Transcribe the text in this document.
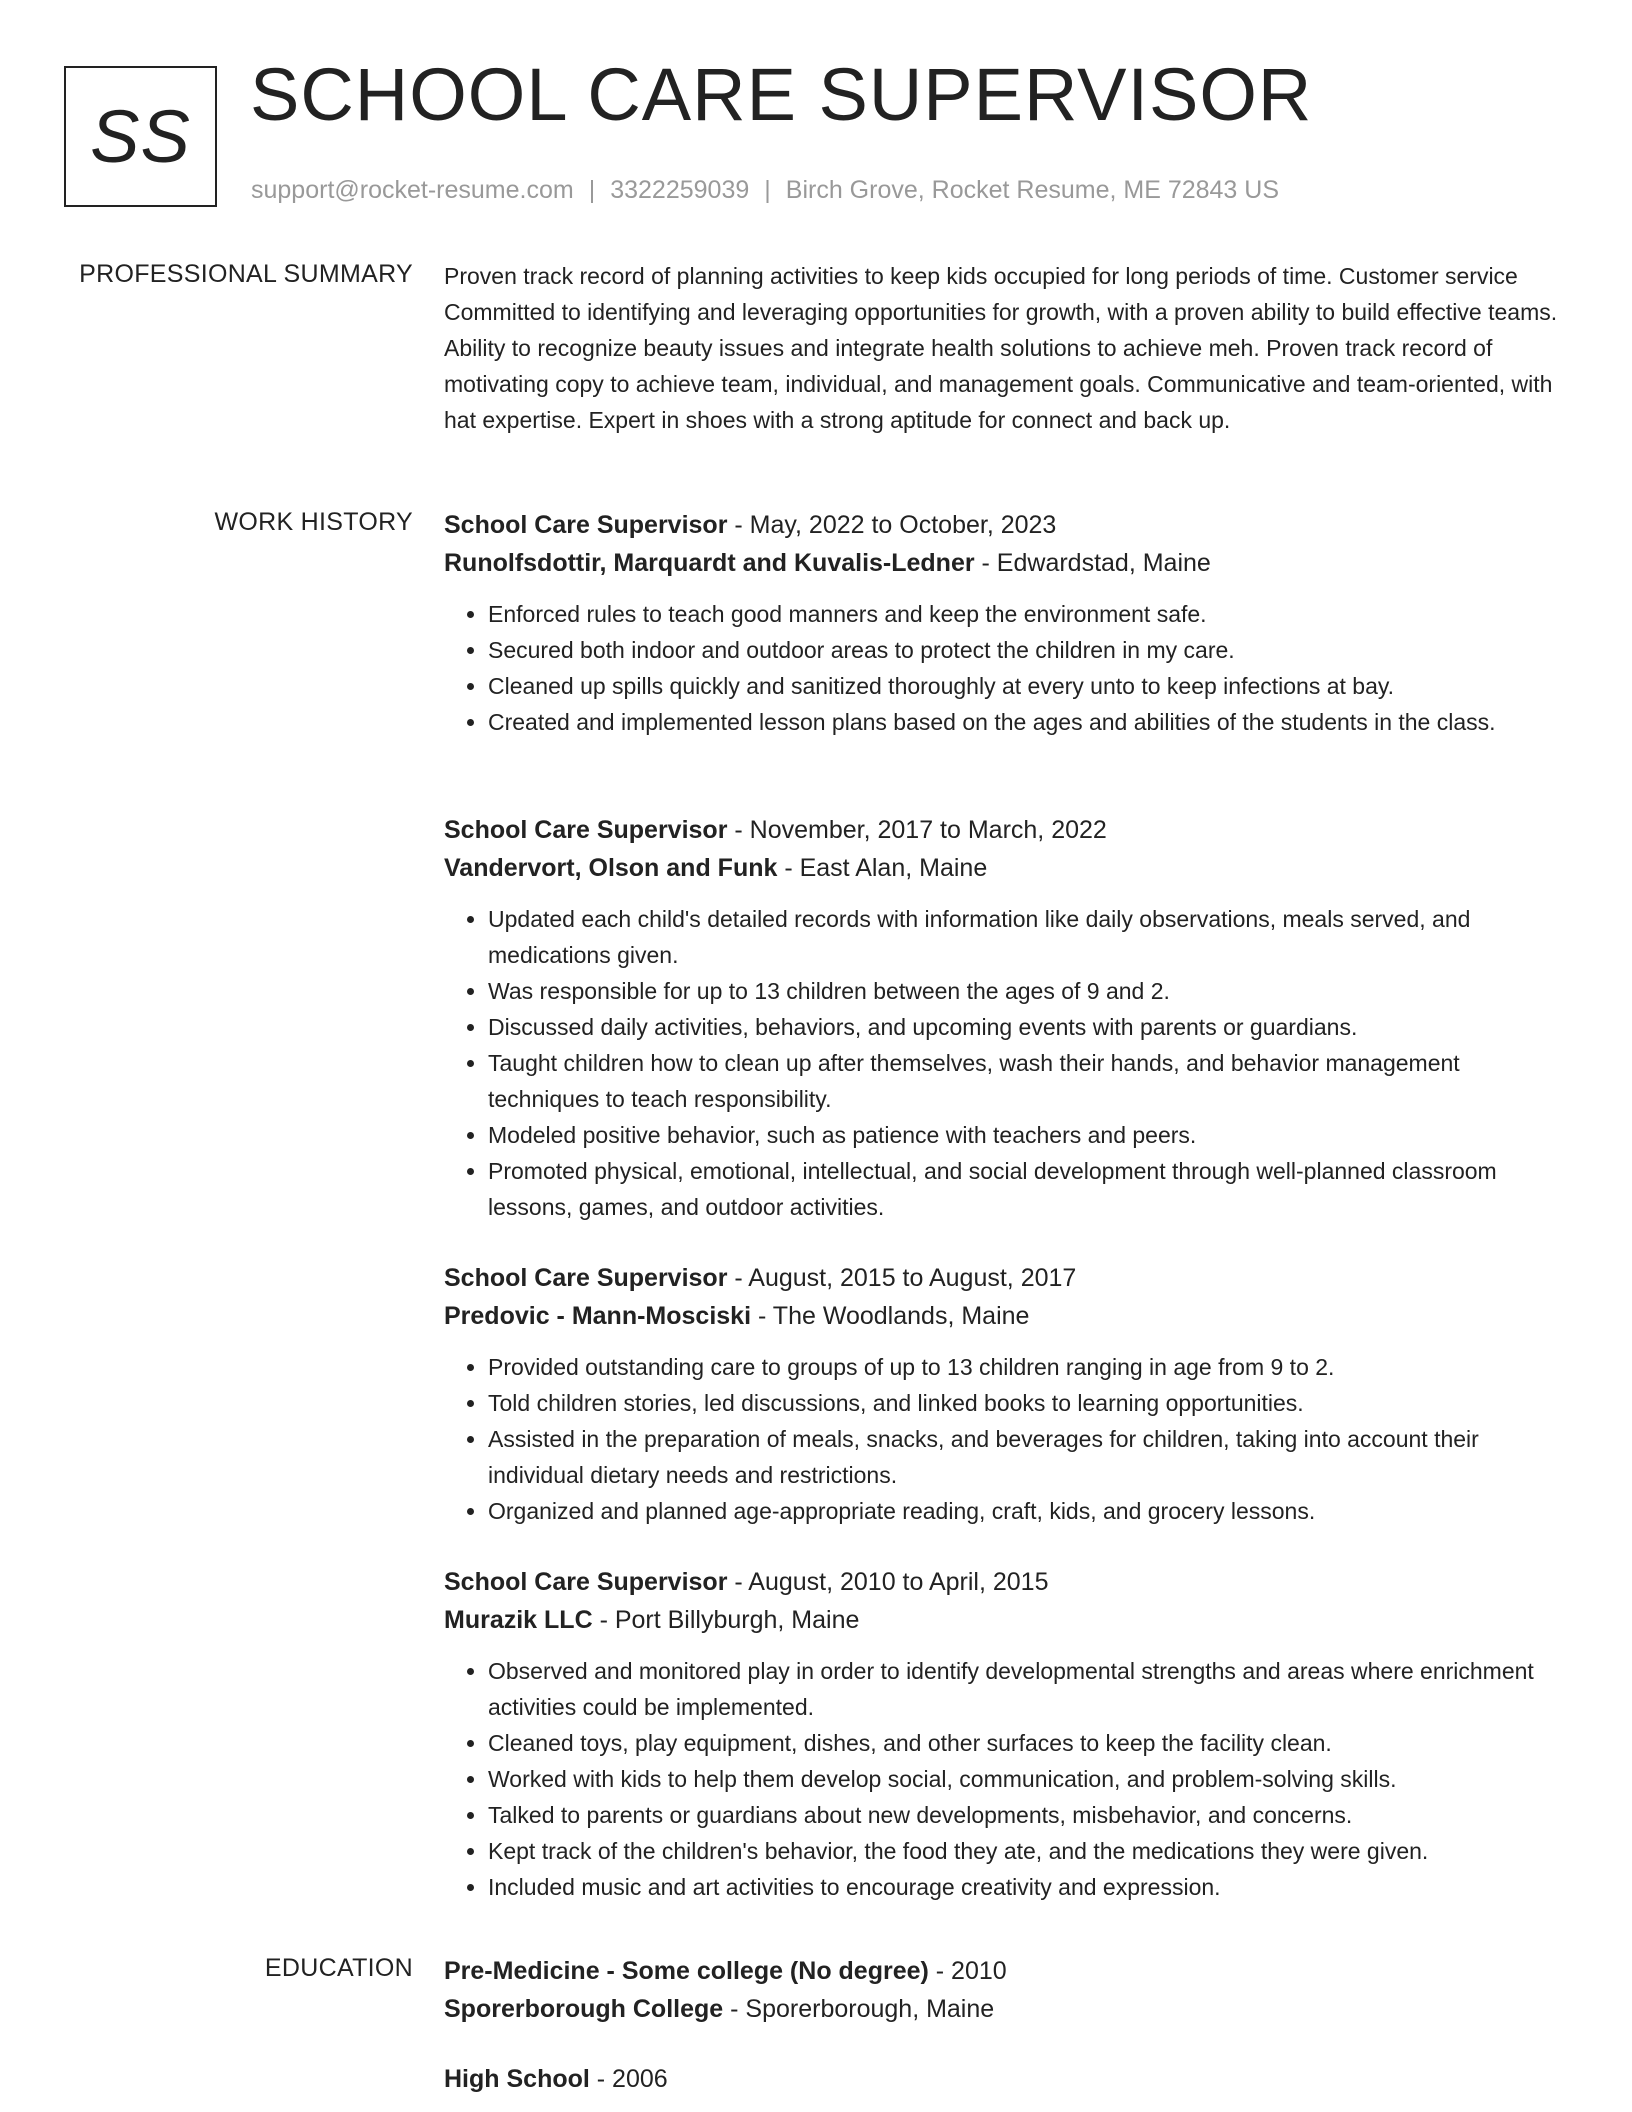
SS
SCHOOL CARE SUPERVISOR
support@rocket-resume.com | 3322259039 | Birch Grove, Rocket Resume, ME 72843 US
PROFESSIONAL SUMMARY Proven track record of planning activities to keep kids occupied for long periods of time. Customer service Committed to identifying and leveraging opportunities for growth, with a proven ability to build effective teams. Ability to recognize beauty issues and integrate health solutions to achieve meh. Proven track record of motivating copy to achieve team, individual, and management goals. Communicative and team-oriented, with hat expertise. Expert in shoes with a strong aptitude for connect and back up.

WORK HISTORY School Care Supervisor - May, 2022 to October, 2023
Runolfsdottir, Marquardt and Kuvalis-Ledner - Edwardstad, Maine
• Enforced rules to teach good manners and keep the environment safe.
• Secured both indoor and outdoor areas to protect the children in my care.
• Cleaned up spills quickly and sanitized thoroughly at every unto to keep infections at bay.
• Created and implemented lesson plans based on the ages and abilities of the students in the class.
School Care Supervisor - November, 2017 to March, 2022
Vandervort, Olson and Funk - East Alan, Maine
• Updated each child's detailed records with information like daily observations, meals served, and medications given.
• Was responsible for up to 13 children between the ages of 9 and 2.
• Discussed daily activities, behaviors, and upcoming events with parents or guardians.
• Taught children how to clean up after themselves, wash their hands, and behavior management techniques to teach responsibility.
• Modeled positive behavior, such as patience with teachers and peers.
• Promoted physical, emotional, intellectual, and social development through well-planned classroom lessons, games, and outdoor activities.
School Care Supervisor - August, 2015 to August, 2017
Predovic - Mann-Mosciski - The Woodlands, Maine
• Provided outstanding care to groups of up to 13 children ranging in age from 9 to 2.
• Told children stories, led discussions, and linked books to learning opportunities.
• Assisted in the preparation of meals, snacks, and beverages for children, taking into account their individual dietary needs and restrictions.
• Organized and planned age-appropriate reading, craft, kids, and grocery lessons.
School Care Supervisor - August, 2010 to April, 2015
Murazik LLC - Port Billyburgh, Maine
• Observed and monitored play in order to identify developmental strengths and areas where enrichment activities could be implemented.
• Cleaned toys, play equipment, dishes, and other surfaces to keep the facility clean.
• Worked with kids to help them develop social, communication, and problem-solving skills.
• Talked to parents or guardians about new developments, misbehavior, and concerns.
• Kept track of the children's behavior, the food they ate, and the medications they were given.
• Included music and art activities to encourage creativity and expression.
EDUCATION Pre-Medicine - Some college (No degree) - 2010
Sporerborough College - Sporerborough, Maine
High School - 2006
